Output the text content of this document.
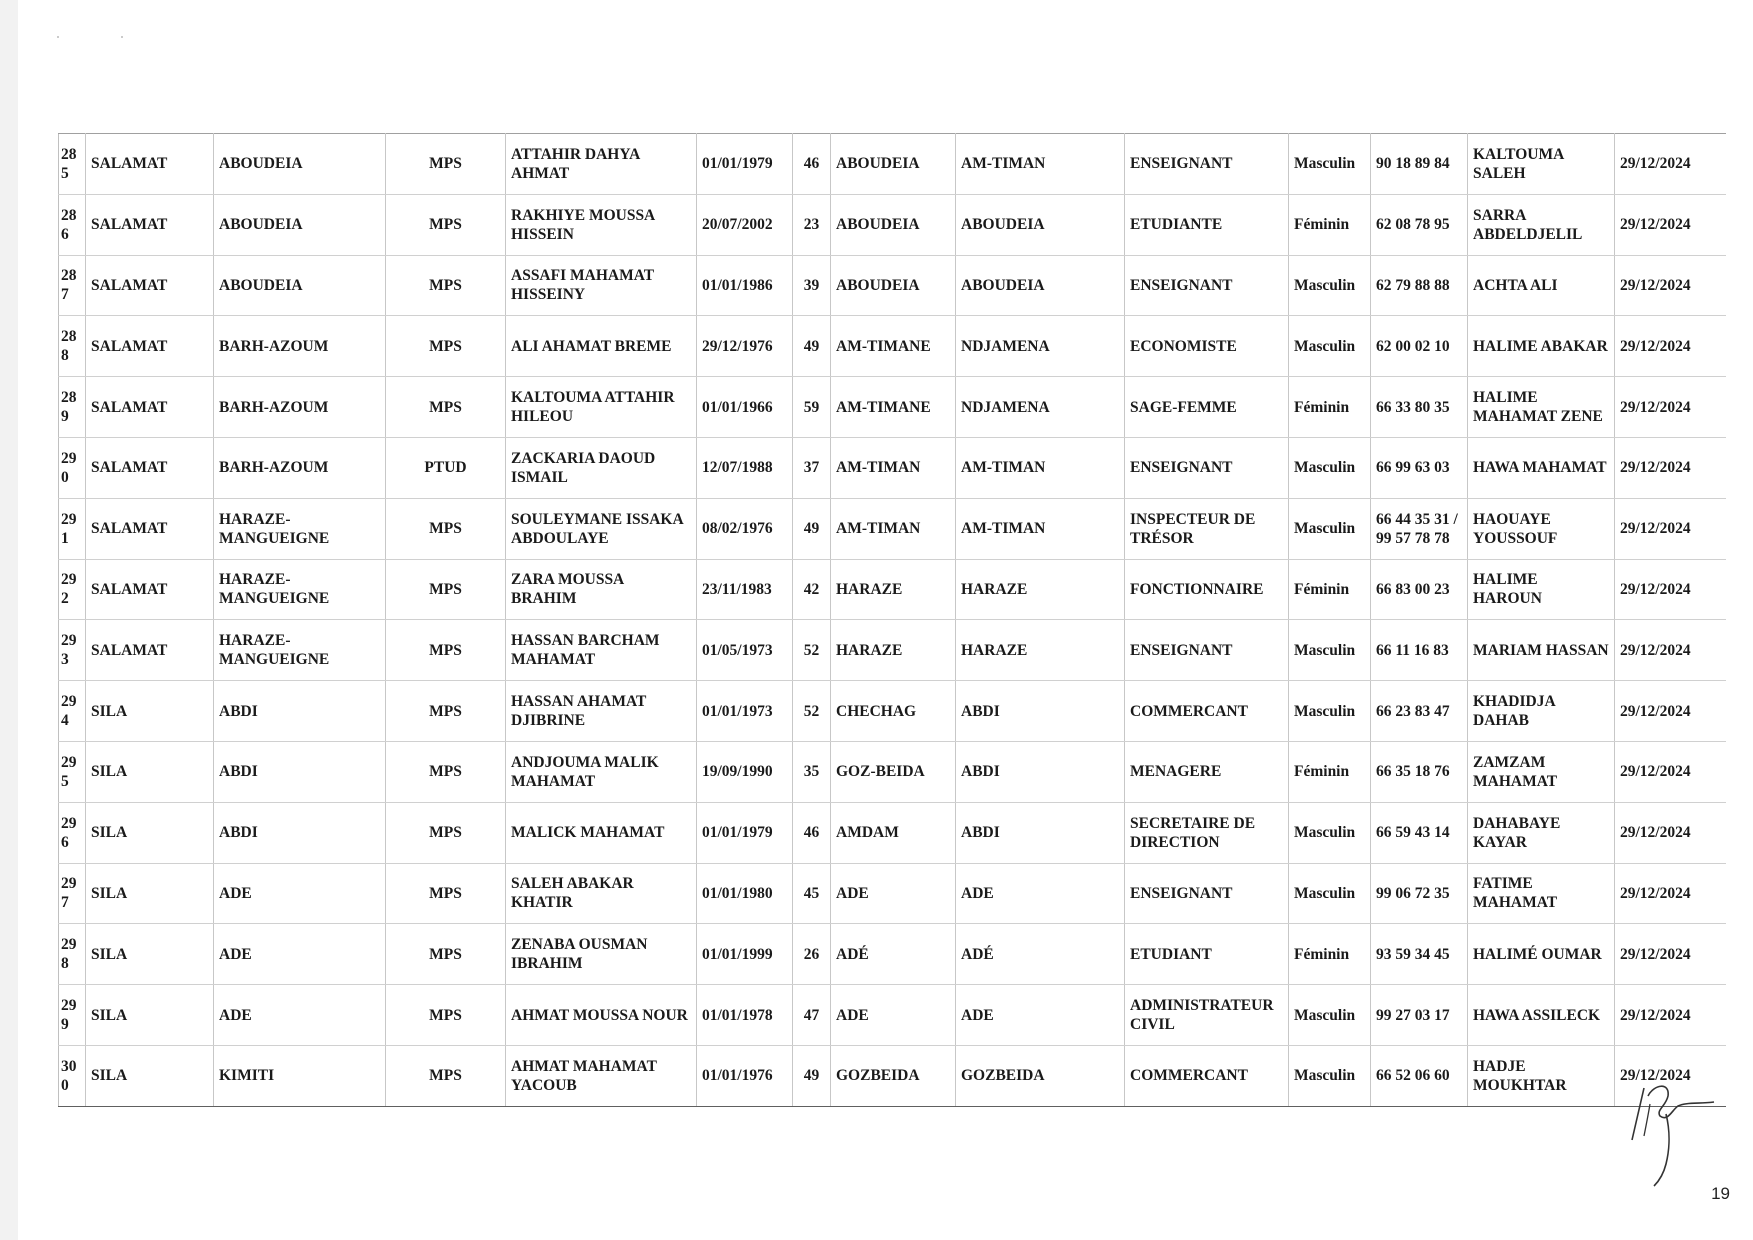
285	SALAMAT	ABOUDEIA	MPS	ATTAHIR DAHYA AHMAT	01/01/1979	46	ABOUDEIA	AM-TIMAN	ENSEIGNANT	Masculin	90 18 89 84	KALTOUMA SALEH	29/12/2024
286	SALAMAT	ABOUDEIA	MPS	RAKHIYE MOUSSA HISSEIN	20/07/2002	23	ABOUDEIA	ABOUDEIA	ETUDIANTE	Féminin	62 08 78 95	SARRA ABDELDJELIL	29/12/2024
287	SALAMAT	ABOUDEIA	MPS	ASSAFI MAHAMAT HISSEINY	01/01/1986	39	ABOUDEIA	ABOUDEIA	ENSEIGNANT	Masculin	62 79 88 88	ACHTA ALI	29/12/2024
288	SALAMAT	BARH-AZOUM	MPS	ALI AHAMAT BREME	29/12/1976	49	AM-TIMANE	NDJAMENA	ECONOMISTE	Masculin	62 00 02 10	HALIME ABAKAR	29/12/2024
289	SALAMAT	BARH-AZOUM	MPS	KALTOUMA ATTAHIR HILEOU	01/01/1966	59	AM-TIMANE	NDJAMENA	SAGE-FEMME	Féminin	66 33 80 35	HALIME MAHAMAT ZENE	29/12/2024
290	SALAMAT	BARH-AZOUM	PTUD	ZACKARIA DAOUD ISMAIL	12/07/1988	37	AM-TIMAN	AM-TIMAN	ENSEIGNANT	Masculin	66 99 63 03	HAWA MAHAMAT	29/12/2024
291	SALAMAT	HARAZE-MANGUEIGNE	MPS	SOULEYMANE ISSAKA ABDOULAYE	08/02/1976	49	AM-TIMAN	AM-TIMAN	INSPECTEUR DE TRÉSOR	Masculin	66 44 35 31 / 99 57 78 78	HAOUAYE YOUSSOUF	29/12/2024
292	SALAMAT	HARAZE-MANGUEIGNE	MPS	ZARA MOUSSA BRAHIM	23/11/1983	42	HARAZE	HARAZE	FONCTIONNAIRE	Féminin	66 83 00 23	HALIME HAROUN	29/12/2024
293	SALAMAT	HARAZE-MANGUEIGNE	MPS	HASSAN BARCHAM MAHAMAT	01/05/1973	52	HARAZE	HARAZE	ENSEIGNANT	Masculin	66 11 16 83	MARIAM HASSAN	29/12/2024
294	SILA	ABDI	MPS	HASSAN AHAMAT DJIBRINE	01/01/1973	52	CHECHAG	ABDI	COMMERCANT	Masculin	66 23 83 47	KHADIDJA DAHAB	29/12/2024
295	SILA	ABDI	MPS	ANDJOUMA MALIK MAHAMAT	19/09/1990	35	GOZ-BEIDA	ABDI	MENAGERE	Féminin	66 35 18 76	ZAMZAM MAHAMAT	29/12/2024
296	SILA	ABDI	MPS	MALICK MAHAMAT	01/01/1979	46	AMDAM	ABDI	SECRETAIRE DE DIRECTION	Masculin	66 59 43 14	DAHABAYE KAYAR	29/12/2024
297	SILA	ADE	MPS	SALEH ABAKAR KHATIR	01/01/1980	45	ADE	ADE	ENSEIGNANT	Masculin	99 06 72 35	FATIME MAHAMAT	29/12/2024
298	SILA	ADE	MPS	ZENABA OUSMAN IBRAHIM	01/01/1999	26	ADÉ	ADÉ	ETUDIANT	Féminin	93 59 34 45	HALIMÉ OUMAR	29/12/2024
299	SILA	ADE	MPS	AHMAT MOUSSA NOUR	01/01/1978	47	ADE	ADE	ADMINISTRATEUR CIVIL	Masculin	99 27 03 17	HAWA ASSILECK	29/12/2024
300	SILA	KIMITI	MPS	AHMAT MAHAMAT YACOUB	01/01/1976	49	GOZBEIDA	GOZBEIDA	COMMERCANT	Masculin	66 52 06 60	HADJE MOUKHTAR	29/12/2024
19
